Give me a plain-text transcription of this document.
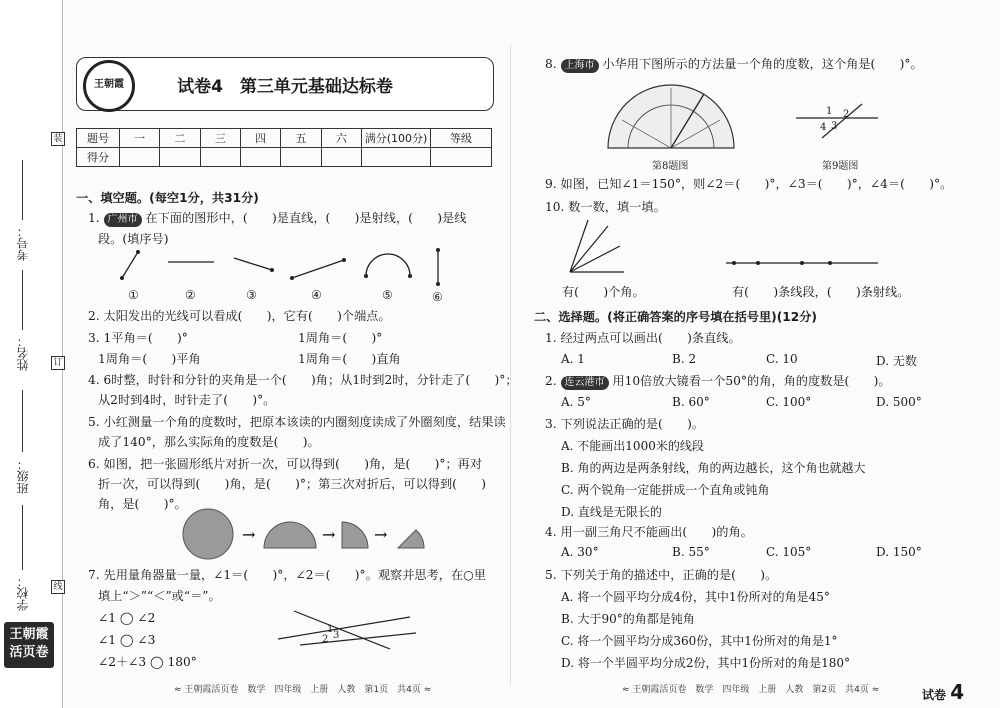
考号：
姓名：
班级：
学校：
装
订
线
王朝霞
活页卷
王朝霞	试卷4　第三单元基础达标卷
题号	一	二	三	四	五	六	满分(100分)	等级
得分								
一、填空题。(每空1分，共31分)
1. 广州市 在下面的图形中，(　　)是直线，(　　)是射线，(　　)是线
段。(填序号)
①	②	③	④	⑤	⑥
2. 太阳发出的光线可以看成(　　)，它有(　　)个端点。
3. 1平角＝(　　)°	1周角＝(　　)°
1周角＝(　　)平角	1周角＝(　　)直角
4. 6时整，时针和分针的夹角是一个(　　)角；从1时到2时，分针走了(　　)°；
从2时到4时，时针走了(　　)°。
5. 小红测量一个角的度数时，把原本该读的内圈刻度读成了外圈刻度，结果读
成了140°，那么实际角的度数是(　　)。
6. 如图，把一张圆形纸片对折一次，可以得到(　　)角，是(　　)°；再对
折一次，可以得到(　　)角，是(　　)°；第三次对折后，可以得到(　　)
角，是(　　)°。
→	→ →
7. 先用量角器量一量，∠1＝(　　)°，∠2＝(　　)°。观察并思考，在○里
填上“＞”“＜”或“＝”。
∠1 ◯ ∠2
∠1 ◯ ∠3
∠2＋∠3 ◯ 180°
1
2 3
≈ 王朝霞活页卷　数学　四年级　上册　人教　第1页　共4页 ≈
8. 上海市 小华用下图所示的方法量一个角的度数，这个角是(　　)°。
第8题图
1 2
3
4
第9题图
9. 如图，已知∠1＝150°，则∠2＝(　　)°，∠3＝(　　)°，∠4＝(　　)°。
10. 数一数，填一填。
有(　　)个角。	有(　　)条线段，(　　)条射线。
二、选择题。(将正确答案的序号填在括号里)(12分)
1. 经过两点可以画出(　　)条直线。
A. 1	B. 2	C. 10	D. 无数
2. 连云港市 用10倍放大镜看一个50°的角，角的度数是(　　)。
A. 5°	B. 60°	C. 100°	D. 500°
3. 下列说法正确的是(　　)。
A. 不能画出1000米的线段
B. 角的两边是两条射线，角的两边越长，这个角也就越大
C. 两个锐角一定能拼成一个直角或钝角
D. 直线是无限长的
4. 用一副三角尺不能画出(　　)的角。
A. 30°	B. 55°	C. 105°	D. 150°
5. 下列关于角的描述中，正确的是(　　)。
A. 将一个圆平均分成4份，其中1份所对的角是45°
B. 大于90°的角都是钝角
C. 将一个圆平均分成360份，其中1份所对的角是1°
D. 将一个半圆平均分成2份，其中1份所对的角是180°
≈ 王朝霞活页卷　数学　四年级　上册　人教　第2页　共4页 ≈	试卷 4
